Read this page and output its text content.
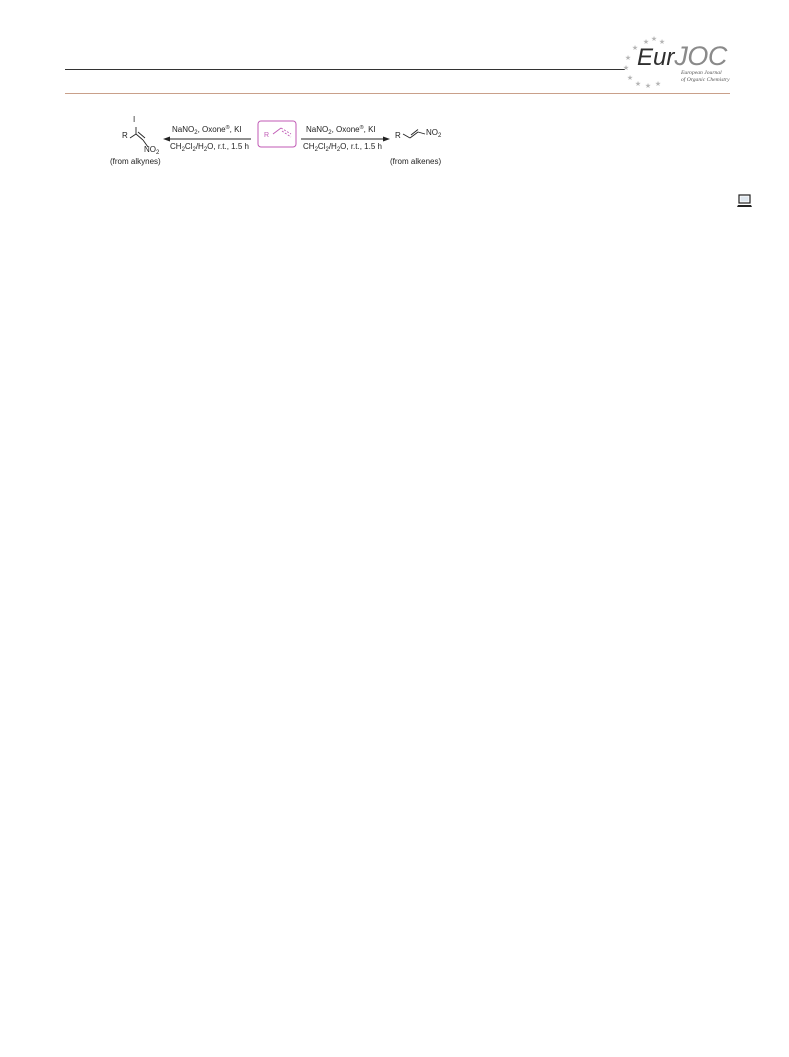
★ ★ ★
★
★
★
★
★ ★ ★
EurJOC
European Journal
of Organic Chemistry
I
R
$NO_2$
(from alkynes)
NaNO$_2$, Oxone®, KI
$CH_2Cl_2/H_2O$, r.t., 1.5 h
R
NaNO$_2$, Oxone®, KI
$CH_2Cl_2/H_2O$, r.t., 1.5 h
R	$NO_2$
(from alkenes)
